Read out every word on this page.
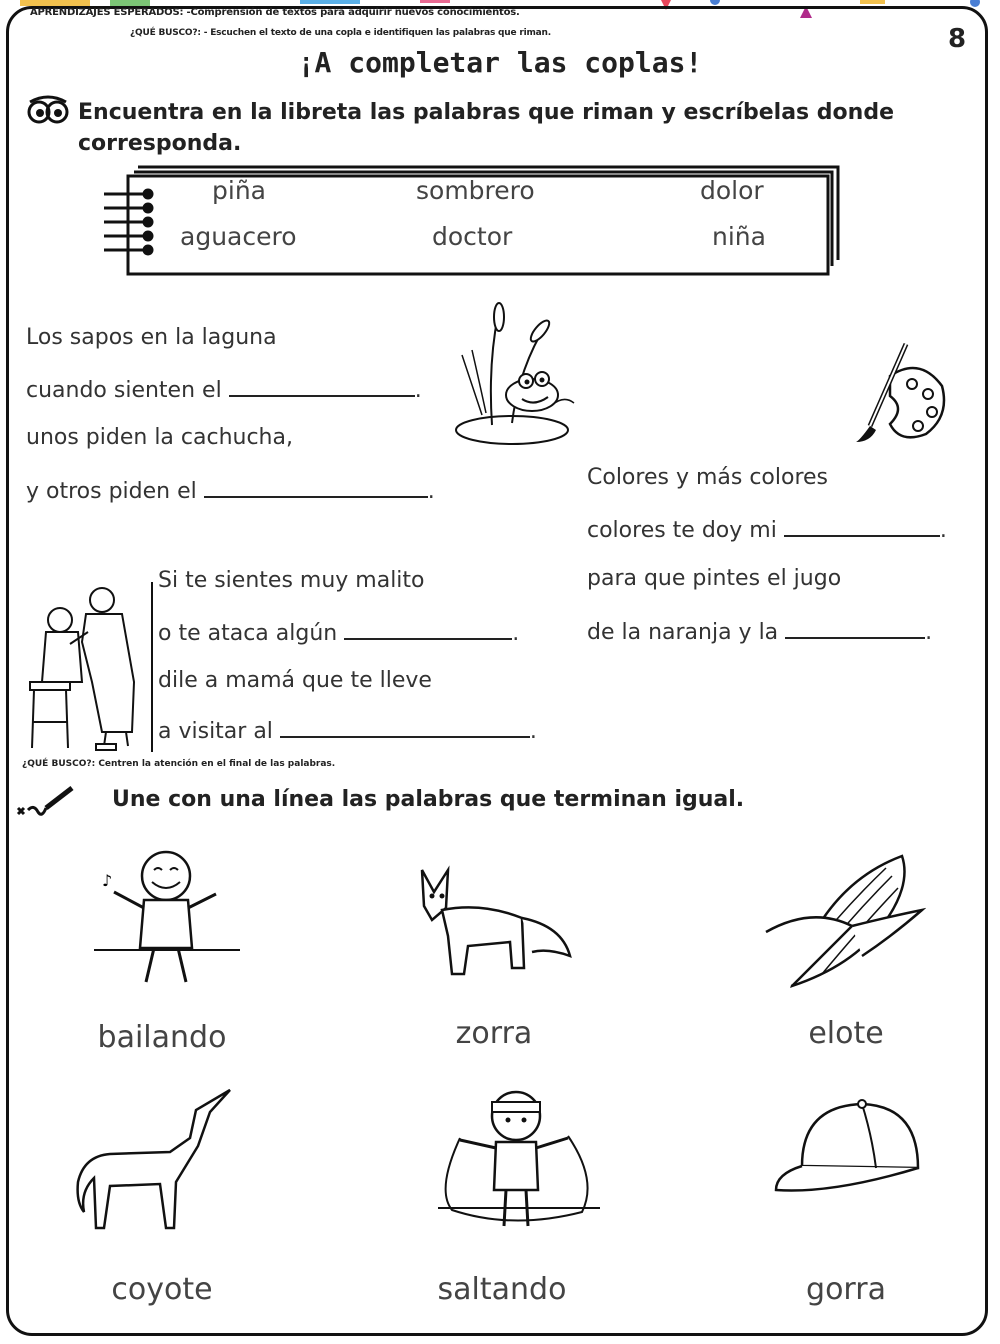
APRENDIZAJES ESPERADOS: -Comprensión de textos para adquirir nuevos conocimientos.
¿QUÉ BUSCO?: - Escuchen el texto de una copla e identifiquen las palabras que riman.	8
¡A completar las coplas!
Encuentra en la libreta las palabras que riman y escríbelas donde corresponda.
piña	sombrero	dolor
aguacero	doctor	niña
Los sapos en la laguna
cuando sienten el	.
unos piden la cachucha,
y otros piden el	.
Colores y más colores
colores te doy mi	.
para que pintes el jugo
de la naranja y la	.
Si te sientes muy malito
o te ataca algún	.
dile a mamá que te lleve
a visitar al	.
¿QUÉ BUSCO?: Centren la atención en el final de las palabras.
Une con una línea las palabras que terminan igual.
♪
bailando	zorra	elote
coyote	saltando	gorra
